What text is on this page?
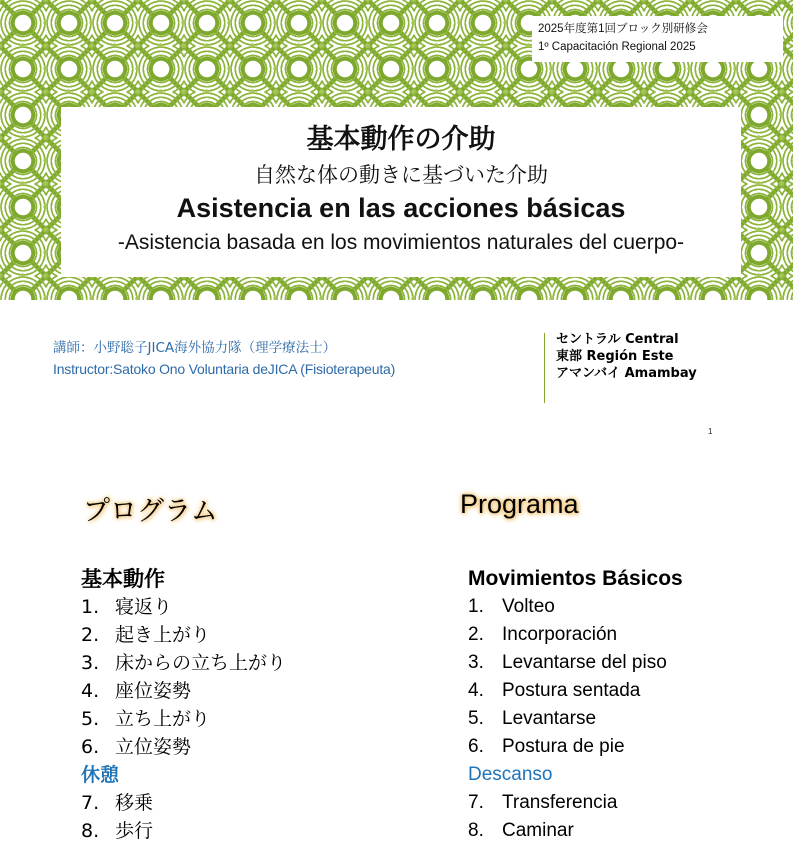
2025年度第1回ブロック別研修会
1º Capacitación Regional 2025
基本動作の介助
自然な体の動きに基づいた介助
Asistencia en las acciones básicas
-Asistencia basada en los movimientos naturales del cuerpo-
講師：小野聡子JICA海外協力隊（理学療法士）
Instructor:Satoko Ono Voluntaria deJICA (Fisioterapeuta)
セントラル Central
東部 Región Este
アマンバイ Amambay
1
プログラム	Programa
基本動作
1. 寝返り
2. 起き上がり
3. 床からの立ち上がり
4. 座位姿勢
5. 立ち上がり
6. 立位姿勢
休憩
7. 移乗
8. 歩行
Movimientos Básicos
1. Volteo
2. Incorporación
3. Levantarse del piso
4. Postura sentada
5. Levantarse
6. Postura de pie
Descanso
7. Transferencia
8. Caminar
